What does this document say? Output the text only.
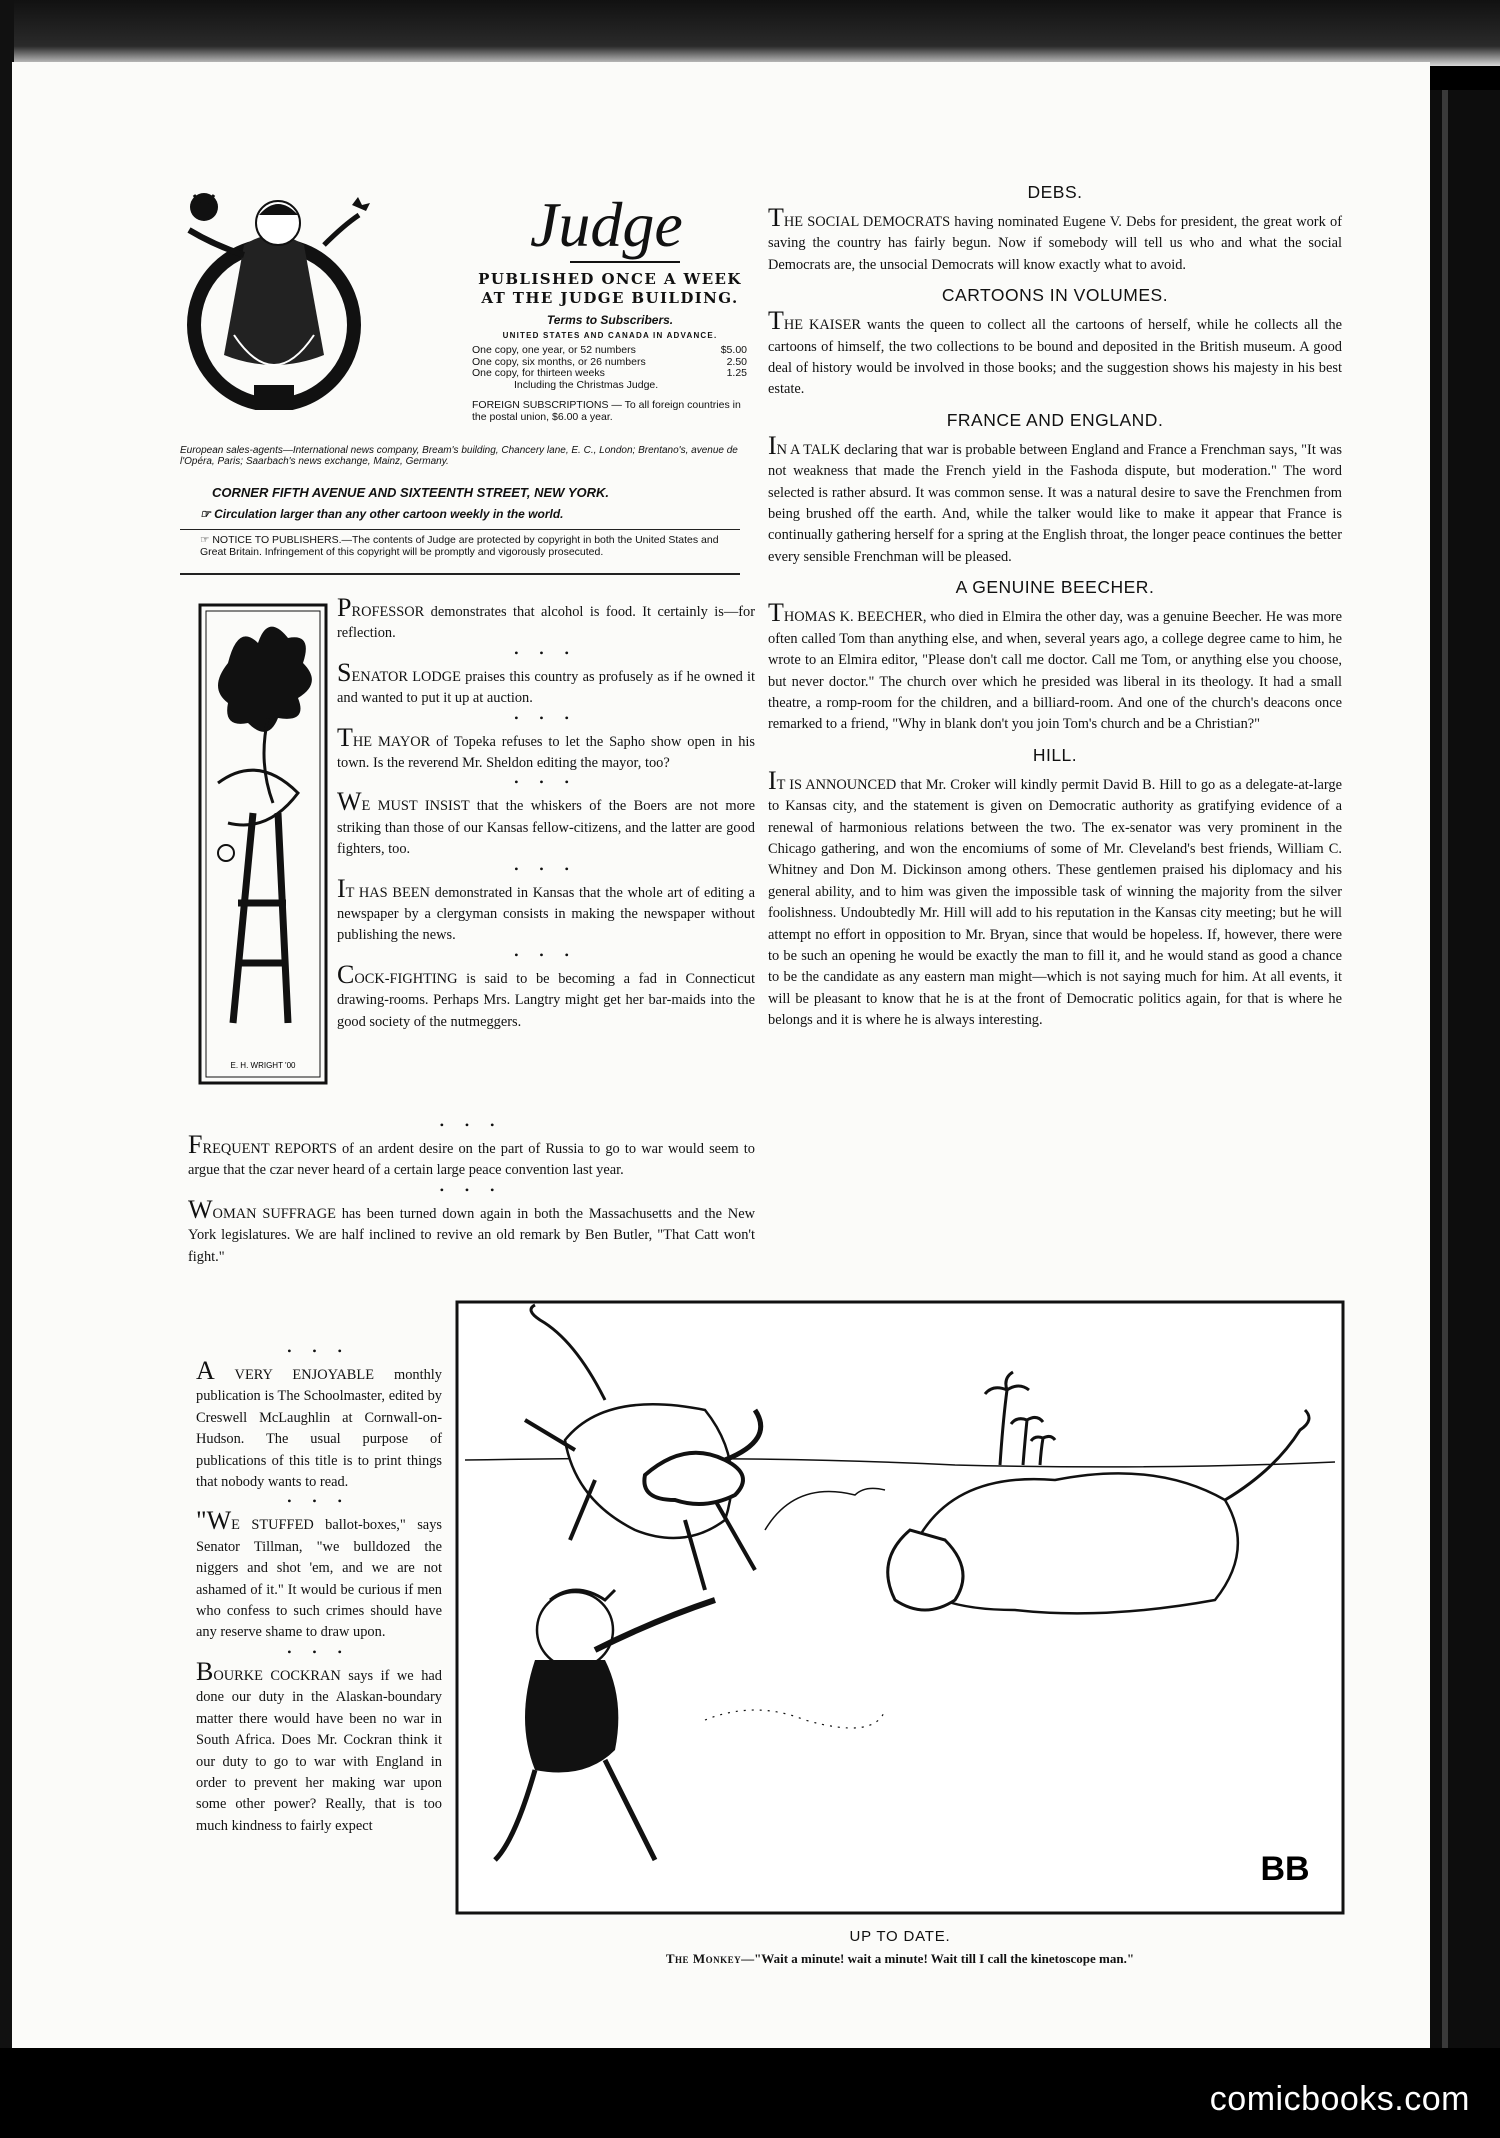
Judge
PUBLISHED ONCE A WEEK
AT THE JUDGE BUILDING.
Terms to Subscribers.
UNITED STATES AND CANADA IN ADVANCE.
One copy, one year, or 52 numbers	$5.00
One copy, six months, or 26 numbers	2.50
One copy, for thirteen weeks	1.25
Including the Christmas Judge.
FOREIGN SUBSCRIPTIONS — To all foreign countries in the postal union, $6.00 a year.
European sales-agents—International news company, Bream's building, Chancery lane, E. C., London; Brentano's, avenue de l'Opéra, Paris; Saarbach's news exchange, Mainz, Germany.
CORNER FIFTH AVENUE AND SIXTEENTH STREET, NEW YORK.
☞ Circulation larger than any other cartoon weekly in the world.
☞ NOTICE TO PUBLISHERS.—The contents of Judge are protected by copyright in both the United States and Great Britain. Infringement of this copyright will be promptly and vigorously prosecuted.
E. H. WRIGHT '00

PROFESSOR demonstrates that alcohol is food. It certainly is—for reflection.

• • •

SENATOR LODGE praises this country as profusely as if he owned it and wanted to put it up at auction.

• • •

THE MAYOR of Topeka refuses to let the Sapho show open in his town. Is the reverend Mr. Sheldon editing the mayor, too?

• • •

WE MUST INSIST that the whiskers of the Boers are not more striking than those of our Kansas fellow-citizens, and the latter are good fighters, too.

• • •

IT HAS BEEN demonstrated in Kansas that the whole art of editing a newspaper by a clergyman consists in making the newspaper without publishing the news.

• • •

COCK-FIGHTING is said to be becoming a fad in Connecticut drawing-rooms. Perhaps Mrs. Langtry might get her bar-maids into the good society of the nutmeggers.

• • •

FREQUENT REPORTS of an ardent desire on the part of Russia to go to war would seem to argue that the czar never heard of a certain large peace convention last year.

• • •

WOMAN SUFFRAGE has been turned down again in both the Massachusetts and the New York legislatures. We are half inclined to revive an old remark by Ben Butler, "That Catt won't fight."

• • •

A VERY ENJOYABLE monthly publication is The Schoolmaster, edited by Creswell McLaughlin at Cornwall-on-Hudson. The usual purpose of publications of this title is to print things that nobody wants to read.

• • •

"WE STUFFED ballot-boxes," says Senator Tillman, "we bulldozed the niggers and shot 'em, and we are not ashamed of it." It would be curious if men who confess to such crimes should have any reserve shame to draw upon.

• • •

BOURKE COCKRAN says if we had done our duty in the Alaskan-boundary matter there would have been no war in South Africa. Does Mr. Cockran think it our duty to go to war with England in order to prevent her making war upon some other power? Really, that is too much kindness to fairly expect

DEBS.

THE SOCIAL DEMOCRATS having nominated Eugene V. Debs for president, the great work of saving the country has fairly begun. Now if somebody will tell us who and what the social Democrats are, the unsocial Democrats will know exactly what to avoid.

CARTOONS IN VOLUMES.

THE KAISER wants the queen to collect all the cartoons of herself, while he collects all the cartoons of himself, the two collections to be bound and deposited in the British museum. A good deal of history would be involved in those books; and the suggestion shows his majesty in his best estate.

FRANCE AND ENGLAND.

IN A TALK declaring that war is probable between England and France a Frenchman says, "It was not weakness that made the French yield in the Fashoda dispute, but moderation." The word selected is rather absurd. It was common sense. It was a natural desire to save the Frenchmen from being brushed off the earth. And, while the talker would like to make it appear that France is continually gathering herself for a spring at the English throat, the longer peace continues the better every sensible Frenchman will be pleased.

A GENUINE BEECHER.

THOMAS K. BEECHER, who died in Elmira the other day, was a genuine Beecher. He was more often called Tom than anything else, and when, several years ago, a college degree came to him, he wrote to an Elmira editor, "Please don't call me doctor. Call me Tom, or anything else you choose, but never doctor." The church over which he presided was liberal in its theology. It had a small theatre, a romp-room for the children, and a billiard-room. And one of the church's deacons once remarked to a friend, "Why in blank don't you join Tom's church and be a Christian?"

HILL.

IT IS ANNOUNCED that Mr. Croker will kindly permit David B. Hill to go as a delegate-at-large to Kansas city, and the statement is given on Democratic authority as gratifying evidence of a renewal of harmonious relations between the two. The ex-senator was very prominent in the Chicago gathering, and won the encomiums of some of Mr. Cleveland's best friends, William C. Whitney and Don M. Dickinson among others. These gentlemen praised his diplomacy and his general ability, and to him was given the impossible task of winning the majority from the silver foolishness. Undoubtedly Mr. Hill will add to his reputation in the Kansas city meeting; but he will attempt no effort in opposition to Mr. Bryan, since that would be hopeless. If, however, there were to be such an opening he would be exactly the man to fill it, and he would stand as good a chance to be the candidate as any eastern man might—which is not saying much for him. At all events, it will be pleasant to know that he is at the front of Democratic politics again, for that is where he belongs and it is where he is always interesting.

BB
UP TO DATE.
The Monkey—"Wait a minute! wait a minute! Wait till I call the kinetoscope man."
comicbooks.com
